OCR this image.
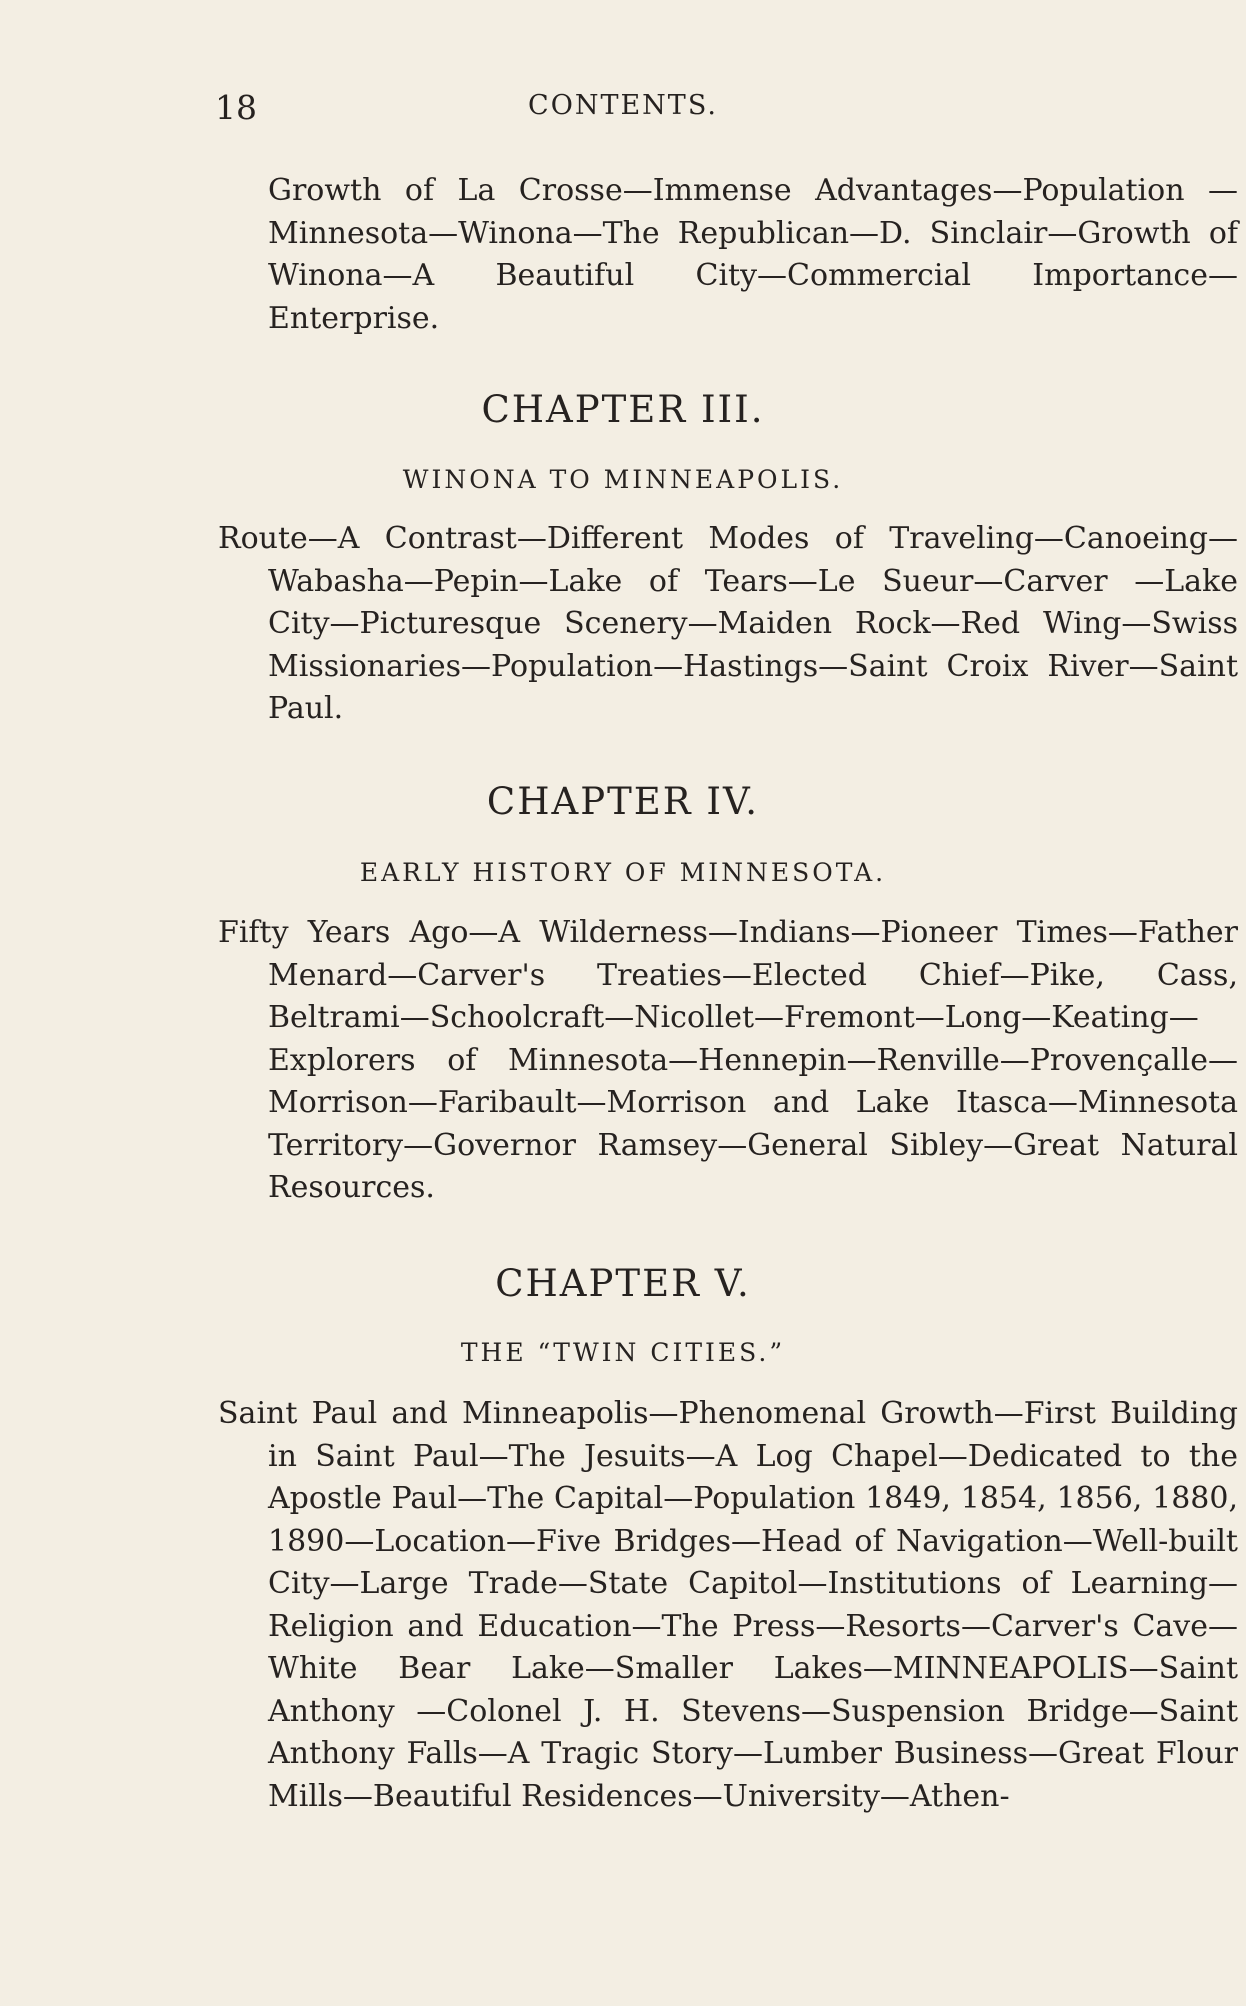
18	CONTENTS.

Growth of La Crosse—Immense Advantages—Population —Minnesota—Winona—The Republican—D. Sinclair—Growth of Winona—A Beautiful City—Commercial Importance—Enterprise.

CHAPTER III.
WINONA TO MINNEAPOLIS.

Route—A Contrast—Different Modes of Traveling—Canoeing—Wabasha—Pepin—Lake of Tears—Le Sueur—Carver —Lake City—Picturesque Scenery—Maiden Rock—Red Wing—Swiss Missionaries—Population—Hastings—Saint Croix River—Saint Paul.

CHAPTER IV.
EARLY HISTORY OF MINNESOTA.

Fifty Years Ago—A Wilderness—Indians—Pioneer Times—Father Menard—Carver's Treaties—Elected Chief—Pike, Cass, Beltrami—Schoolcraft—Nicollet—Fremont—Long—Keating—Explorers of Minnesota—Hennepin—Renville—Provençalle—Morrison—Faribault—Morrison and Lake Itasca—Minnesota Territory—Governor Ramsey—General Sibley—Great Natural Resources.

CHAPTER V.
THE “TWIN CITIES.”

Saint Paul and Minneapolis—Phenomenal Growth—First Building in Saint Paul—The Jesuits—A Log Chapel—Dedicated to the Apostle Paul—The Capital—Population 1849, 1854, 1856, 1880, 1890—Location—Five Bridges—Head of Navigation—Well-built City—Large Trade—State Capitol—Institutions of Learning—Religion and Education—The Press—Resorts—Carver's Cave—White Bear Lake—Smaller Lakes—MINNEAPOLIS—Saint Anthony —Colonel J. H. Stevens—Suspension Bridge—Saint Anthony Falls—A Tragic Story—Lumber Business—Great Flour Mills—Beautiful Residences—University—Athen-
